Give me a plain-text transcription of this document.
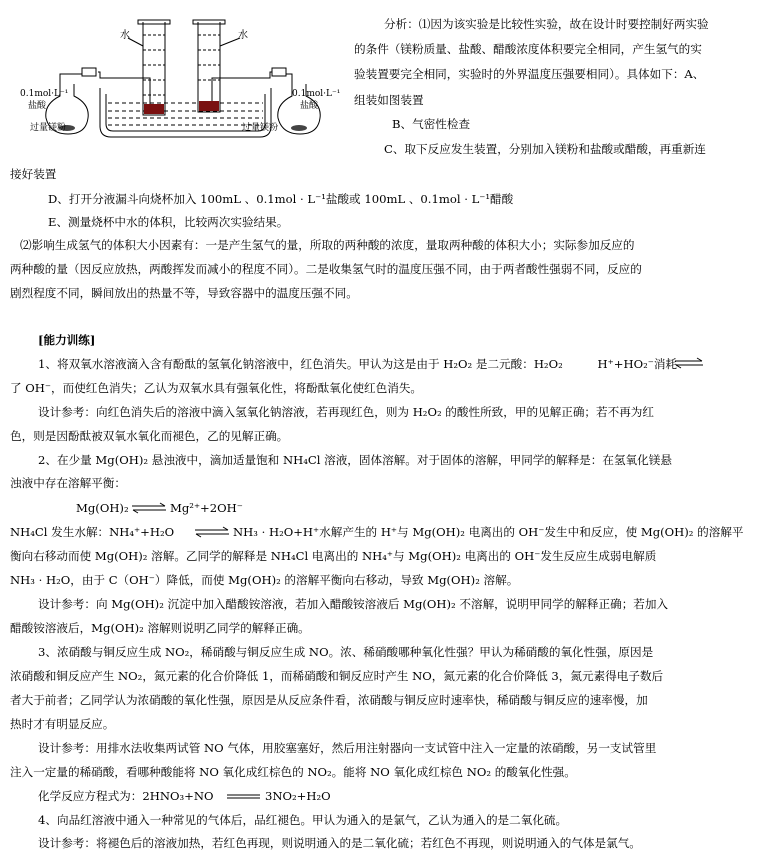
水	水
0.1mol·L⁻¹
盐酸
0.1mol·L⁻¹
盐酸
过量镁粉	过量镁粉
分析：⑴因为该实验是比较性实验，故在设计时要控制好两实验
的条件（镁粉质量、盐酸、醋酸浓度体积要完全相同，产生氢气的实
验装置要完全相同，实验时的外界温度压强要相同）。具体如下：A、
组装如图装置
B、气密性检查
C、取下反应发生装置，分别加入镁粉和盐酸或醋酸，再重新连
接好装置
D、打开分液漏斗向烧杯加入 100mL 、0.1mol · L⁻¹盐酸或 100mL 、0.1mol · L⁻¹醋酸
E、测量烧杯中水的体积，比较两次实验结果。
⑵影响生成氢气的体积大小因素有：一是产生氢气的量，所取的两种酸的浓度，量取两种酸的体积大小；实际参加反应的
两种酸的量（因反应放热，两酸挥发而减小的程度不同）。二是收集氢气时的温度压强不同，由于两者酸性强弱不同，反应的
剧烈程度不同，瞬间放出的热量不等，导致容器中的温度压强不同。
[能力训练]
1、将双氧水溶液滴入含有酚酞的氢氧化钠溶液中，红色消失。甲认为这是由于 H₂O₂ 是二元酸：H₂O₂　　　H⁺+HO₂⁻消耗
了 OH⁻，而使红色消失；乙认为双氧水具有强氧化性，将酚酞氧化使红色消失。
设计参考：向红色消失后的溶液中滴入氢氧化钠溶液，若再现红色，则为 H₂O₂ 的酸性所致，甲的见解正确；若不再为红
色，则是因酚酞被双氧水氧化而褪色，乙的见解正确。
2、在少量 Mg(OH)₂ 悬浊液中，滴加适量饱和 NH₄Cl 溶液，固体溶解。对于固体的溶解，甲同学的解释是：在氢氧化镁悬
浊液中存在溶解平衡：
Mg(OH)₂	Mg²⁺+2OH⁻
NH₄Cl 发生水解：NH₄⁺+H₂O	NH₃ · H₂O+H⁺水解产生的 H⁺与 Mg(OH)₂ 电离出的 OH⁻发生中和反应，使 Mg(OH)₂ 的溶解平
衡向右移动而使 Mg(OH)₂ 溶解。乙同学的解释是 NH₄Cl 电离出的 NH₄⁺与 Mg(OH)₂ 电离出的 OH⁻发生反应生成弱电解质
NH₃ · H₂O，由于 C（OH⁻）降低，而使 Mg(OH)₂ 的溶解平衡向右移动，导致 Mg(OH)₂ 溶解。
设计参考：向 Mg(OH)₂ 沉淀中加入醋酸铵溶液，若加入醋酸铵溶液后 Mg(OH)₂ 不溶解，说明甲同学的解释正确；若加入
醋酸铵溶液后，Mg(OH)₂ 溶解则说明乙同学的解释正确。
3、浓硝酸与铜反应生成 NO₂，稀硝酸与铜反应生成 NO。浓、稀硝酸哪种氧化性强？甲认为稀硝酸的氧化性强，原因是
浓硝酸和铜反应产生 NO₂，氮元素的化合价降低 1，而稀硝酸和铜反应时产生 NO，氮元素的化合价降低 3，氮元素得电子数后
者大于前者；乙同学认为浓硝酸的氧化性强，原因是从反应条件看，浓硝酸与铜反应时速率快，稀硝酸与铜反应的速率慢，加
热时才有明显反应。
设计参考：用排水法收集两试管 NO 气体，用胶塞塞好，然后用注射器向一支试管中注入一定量的浓硝酸，另一支试管里
注入一定量的稀硝酸，看哪种酸能将 NO 氧化成红棕色的 NO₂。能将 NO 氧化成红棕色 NO₂ 的酸氧化性强。
化学反应方程式为：2HNO₃+NO	3NO₂+H₂O
4、向品红溶液中通入一种常见的气体后，品红褪色。甲认为通入的是氯气，乙认为通入的是二氧化硫。
设计参考：将褪色后的溶液加热，若红色再现，则说明通入的是二氧化硫；若红色不再现，则说明通入的气体是氯气。
